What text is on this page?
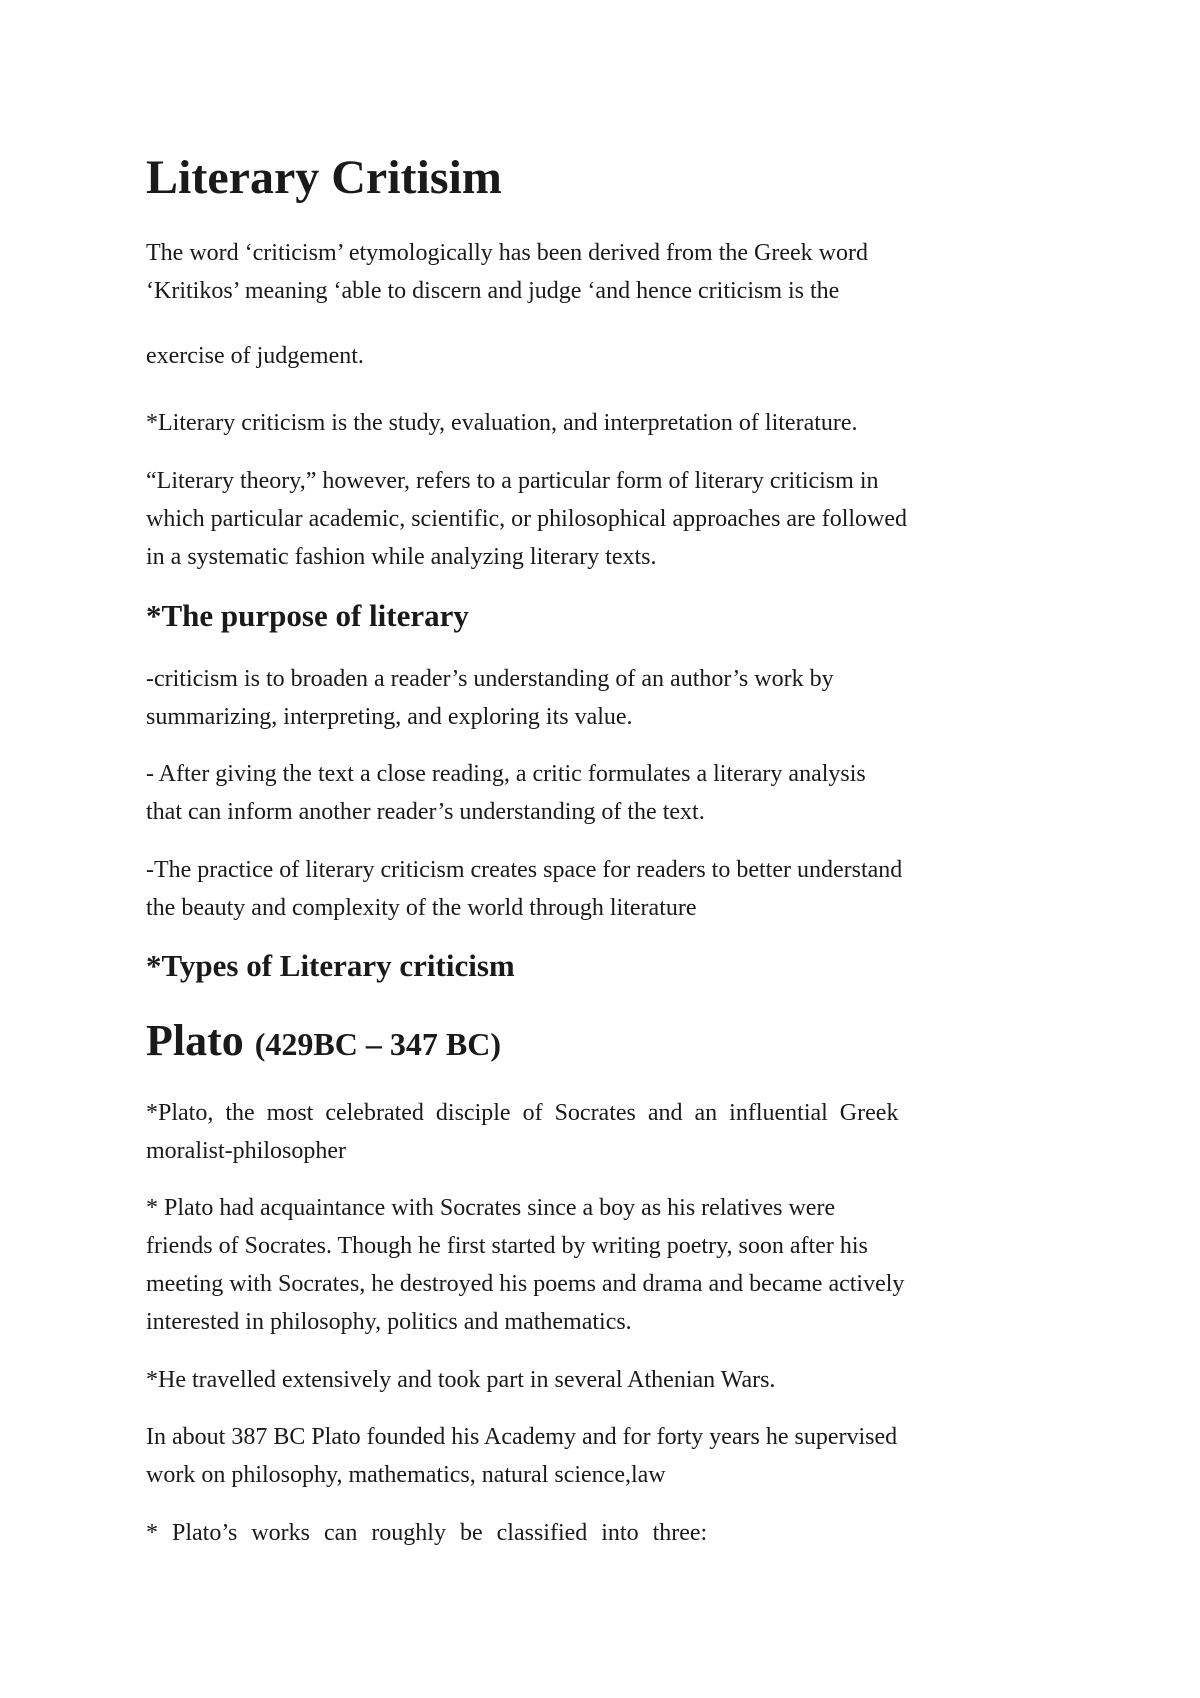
Literary Critisim

The word ‘criticism’ etymologically has been derived from the Greek word

‘Kritikos’ meaning ‘able to discern and judge ‘and hence criticism is the

exercise of judgement.

*Literary criticism is the study, evaluation, and interpretation of literature.

“Literary theory,” however, refers to a particular form of literary criticism in

which particular academic, scientific, or philosophical approaches are followed

in a systematic fashion while analyzing literary texts.

*The purpose of literary

-criticism is to broaden a reader’s understanding of an author’s work by

summarizing, interpreting, and exploring its value.

- After giving the text a close reading, a critic formulates a literary analysis

that can inform another reader’s understanding of the text.

-The practice of literary criticism creates space for readers to better understand

the beauty and complexity of the world through literature

*Types of Literary criticism
Plato (429BC – 347 BC)

*Plato, the most celebrated disciple of Socrates and an influential Greek

moralist-philosopher

* Plato had acquaintance with Socrates since a boy as his relatives were

friends of Socrates. Though he first started by writing poetry, soon after his

meeting with Socrates, he destroyed his poems and drama and became actively

interested in philosophy, politics and mathematics.

*He travelled extensively and took part in several Athenian Wars.

In about 387 BC Plato founded his Academy and for forty years he supervised

work on philosophy, mathematics, natural science,law

* Plato’s works can roughly be classified into three:
